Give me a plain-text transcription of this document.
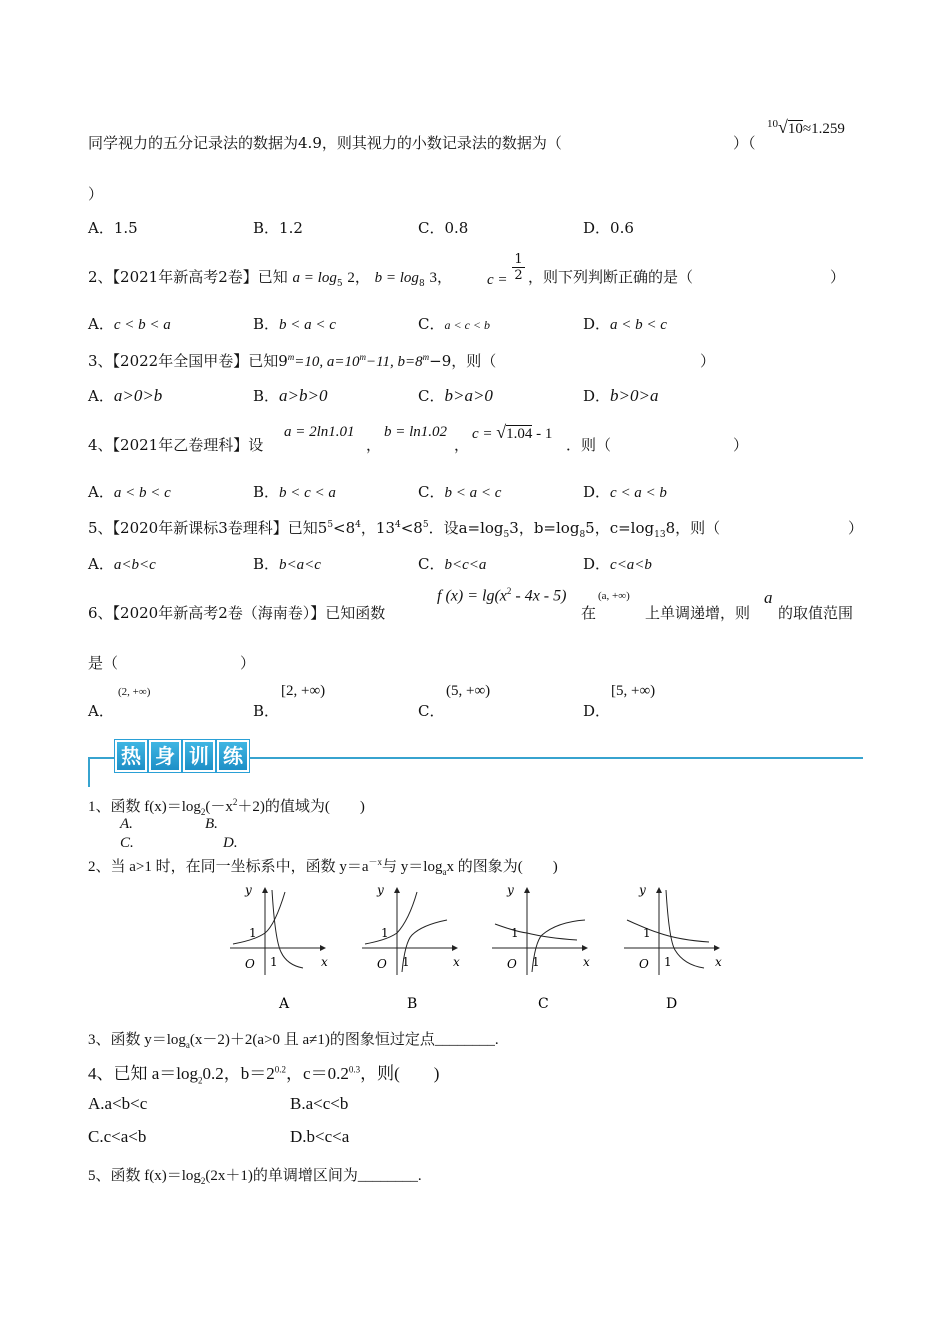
同学视力的五分记录法的数据为4.9，则其视力的小数记录法的数据为（	）（
$^{10}$√10≈1.259
）
A．1.5	B．1.2	C．0.8	D．0.6
2、【2021年新高考2卷】已知 $a = \log_5 2$， $b = \log_8 3$， $c = \frac{1}{2}$ ，则下列判断正确的是（	）
A．c < b < a	B．b < a < c	C．a < c < b	D．a < b < c
3、【2022年全国甲卷】已知$9^m=10$, $a=10^m-11$, $b=8^m-9$，则（	）
A．a>0>b	B．a>b>0	C．b>a>0	D．b>0>a
4、【2021年乙卷理科】设
a = 2ln1.01
，
b = ln1.02
，
c = √1.04 - 1
．则（	）
A．a < b < c	B．b < c < a	C．b < a < c	D．c < a < b
5、【2020年新课标3卷理科】已知$5^5<8^4$，$13^4<8^5$．设$a=\log_53$，$b=\log_85$，$c=\log_{13}8$，则（	）
A．a<b<c	B．b<a<c	C．b<c<a	D．c<a<b
6、【2020年新高考2卷（海南卷）】已知函数
f $(x) = \lg(x^2 - 4x - 5)$
在
(a, +∞)
上单调递增，则
a
的取值范围
是（	）
A．
(2, +∞)
B．
[2, +∞)
C．
(5, +∞)
D．
[5, +∞)
热 身 训 练
1、函数 $f(x)=\log_2(-x^2+2)$的值域为(　　)
A.	B.
C.	D.
2、当 a>1 时，在同一坐标系中，函数 $y=a^{-x}$与 $y=\log_ax$ 的图象为(　　)
y
x
O
1
1
A
y
x
O
1
1
B
y
x
O
1
1
C
y
x
O
1
1
D
3、函数 $y=\log_a(x-2)+2(a>0$ 且 a≠1)的图象恒过定点________.
4、已知 $a=\log_20.2$，$b=2^{0.2}$，$c=0.2^{0.3}$，则(　　)
A.a<b<c	B.a<c<b
C.c<a<b	D.b<c<a
5、函数 $f(x)=\log_2(2x+1)$的单调增区间为________.
